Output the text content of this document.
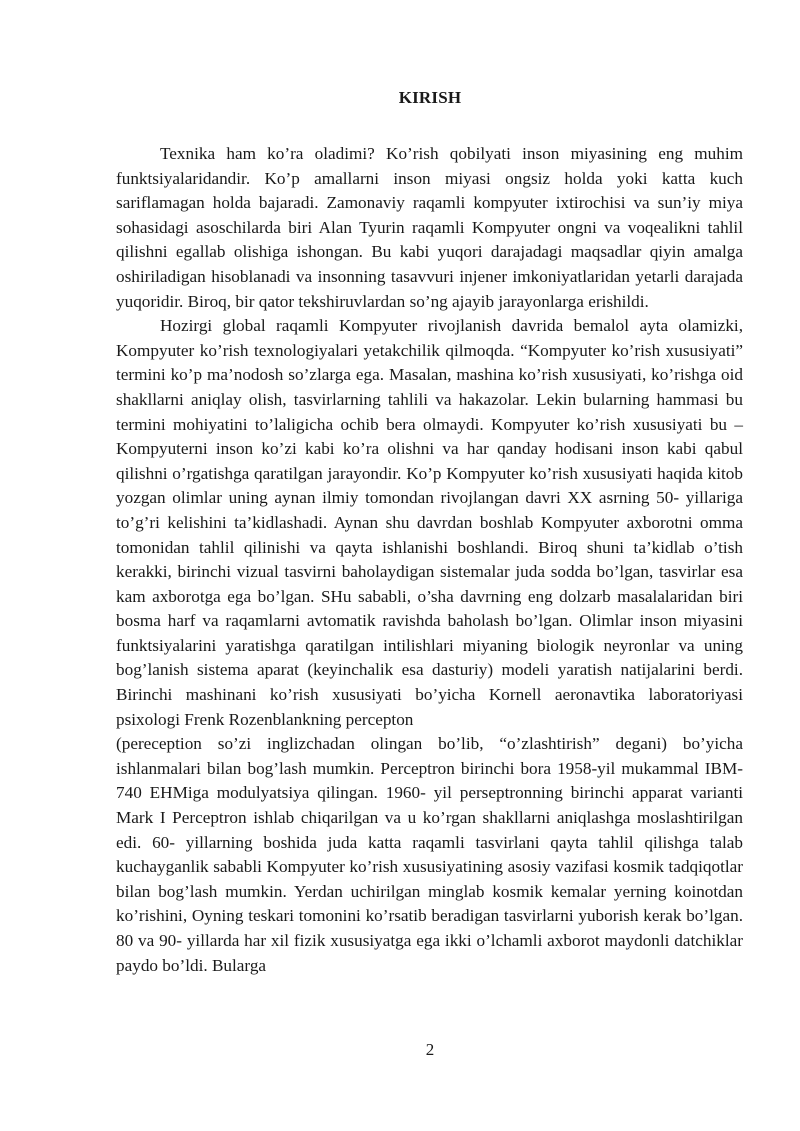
KIRISH

Texnika ham ko’ra oladimi? Ko’rish qobilyati inson miyasining eng muhim funktsiyalaridandir. Ko’p amallarni inson miyasi ongsiz holda yoki katta kuch sariflamagan holda bajaradi. Zamonaviy raqamli kompyuter ixtirochisi va sun’iy miya sohasidagi asoschilarda biri Alan Tyurin raqamli Kompyuter ongni va voqealikni tahlil qilishni egallab olishiga ishongan. Bu kabi yuqori darajadagi maqsadlar qiyin amalga oshiriladigan hisoblanadi va insonning tasavvuri injener imkoniyatlaridan yetarli darajada yuqoridir. Biroq, bir qator tekshiruvlardan so’ng ajayib jarayonlarga erishildi.

Hozirgi global raqamli Kompyuter rivojlanish davrida bemalol ayta olamizki, Kompyuter ko’rish texnologiyalari yetakchilik qilmoqda. “Kompyuter ko’rish xususiyati” termini ko’p ma’nodosh so’zlarga ega. Masalan, mashina ko’rish xususiyati, ko’rishga oid shakllarni aniqlay olish, tasvirlarning tahlili va hakazolar. Lekin bularning hammasi bu termini mohiyatini to’laligicha ochib bera olmaydi. Kompyuter ko’rish xususiyati bu – Kompyuterni inson ko’zi kabi ko’ra olishni va har qanday hodisani inson kabi qabul qilishni o’rgatishga qaratilgan jarayondir. Ko’p Kompyuter ko’rish xususiyati haqida kitob yozgan olimlar uning aynan ilmiy tomondan rivojlangan davri XX asrning 50- yillariga to’g’ri kelishini ta’kidlashadi. Aynan shu davrdan boshlab Kompyuter axborotni omma tomonidan tahlil qilinishi va qayta ishlanishi boshlandi. Biroq shuni ta’kidlab o’tish kerakki, birinchi vizual tasvirni baholaydigan sistemalar juda sodda bo’lgan, tasvirlar esa kam axborotga ega bo’lgan. SHu sababli, o’sha davrning eng dolzarb masalalaridan biri bosma harf va raqamlarni avtomatik ravishda baholash bo’lgan. Olimlar inson miyasini funktsiyalarini yaratishga qaratilgan intilishlari miyaning biologik neyronlar va uning bog’lanish sistema aparat (keyinchalik esa dasturiy) modeli yaratish natijalarini berdi. Birinchi mashinani ko’rish xususiyati bo’yicha Kornell aeronavtika laboratoriyasi psixologi Frenk Rozenblankning percepton

(pereception so’zi inglizchadan olingan bo’lib, “o’zlashtirish” degani) bo’yicha ishlanmalari bilan bog’lash mumkin. Perceptron birinchi bora 1958-yil mukammal IBM-740 EHMiga modulyatsiya qilingan. 1960- yil perseptronning birinchi apparat varianti Mark I Perceptron ishlab chiqarilgan va u ko’rgan shakllarni aniqlashga moslashtirilgan edi. 60- yillarning boshida juda katta raqamli tasvirlani qayta tahlil qilishga talab kuchayganlik sababli Kompyuter ko’rish xususiyatining asosiy vazifasi kosmik tadqiqotlar bilan bog’lash mumkin. Yerdan uchirilgan minglab kosmik kemalar yerning koinotdan ko’rishini, Oyning teskari tomonini ko’rsatib beradigan tasvirlarni yuborish kerak bo’lgan. 80 va 90- yillarda har xil fizik xususiyatga ega ikki o’lchamli axborot maydonli datchiklar paydo bo’ldi. Bularga

2
